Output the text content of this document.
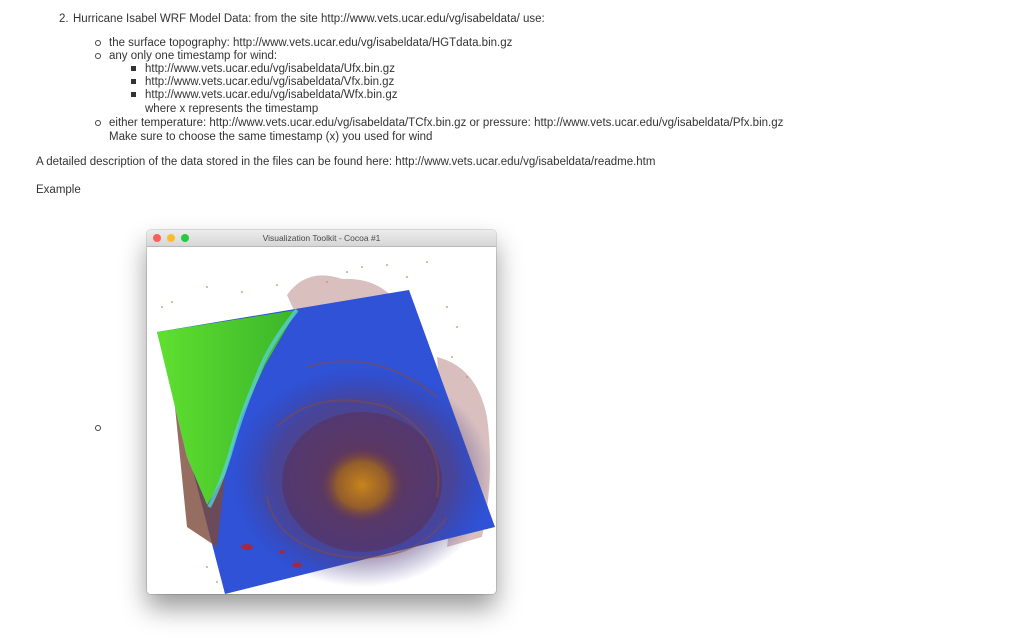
2. Hurricane Isabel WRF Model Data: from the site http://www.vets.ucar.edu/vg/isabeldata/ use:
the surface topography: http://www.vets.ucar.edu/vg/isabeldata/HGTdata.bin.gz
any only one timestamp for wind:
http://www.vets.ucar.edu/vg/isabeldata/Ufx.bin.gz
http://www.vets.ucar.edu/vg/isabeldata/Vfx.bin.gz
http://www.vets.ucar.edu/vg/isabeldata/Wfx.bin.gz
where x represents the timestamp
either temperature: http://www.vets.ucar.edu/vg/isabeldata/TCfx.bin.gz or pressure: http://www.vets.ucar.edu/vg/isabeldata/Pfx.bin.gz
Make sure to choose the same timestamp (x) you used for wind
A detailed description of the data stored in the files can be found here: http://www.vets.ucar.edu/vg/isabeldata/readme.htm
Example
Visualization Toolkit - Cocoa #1
